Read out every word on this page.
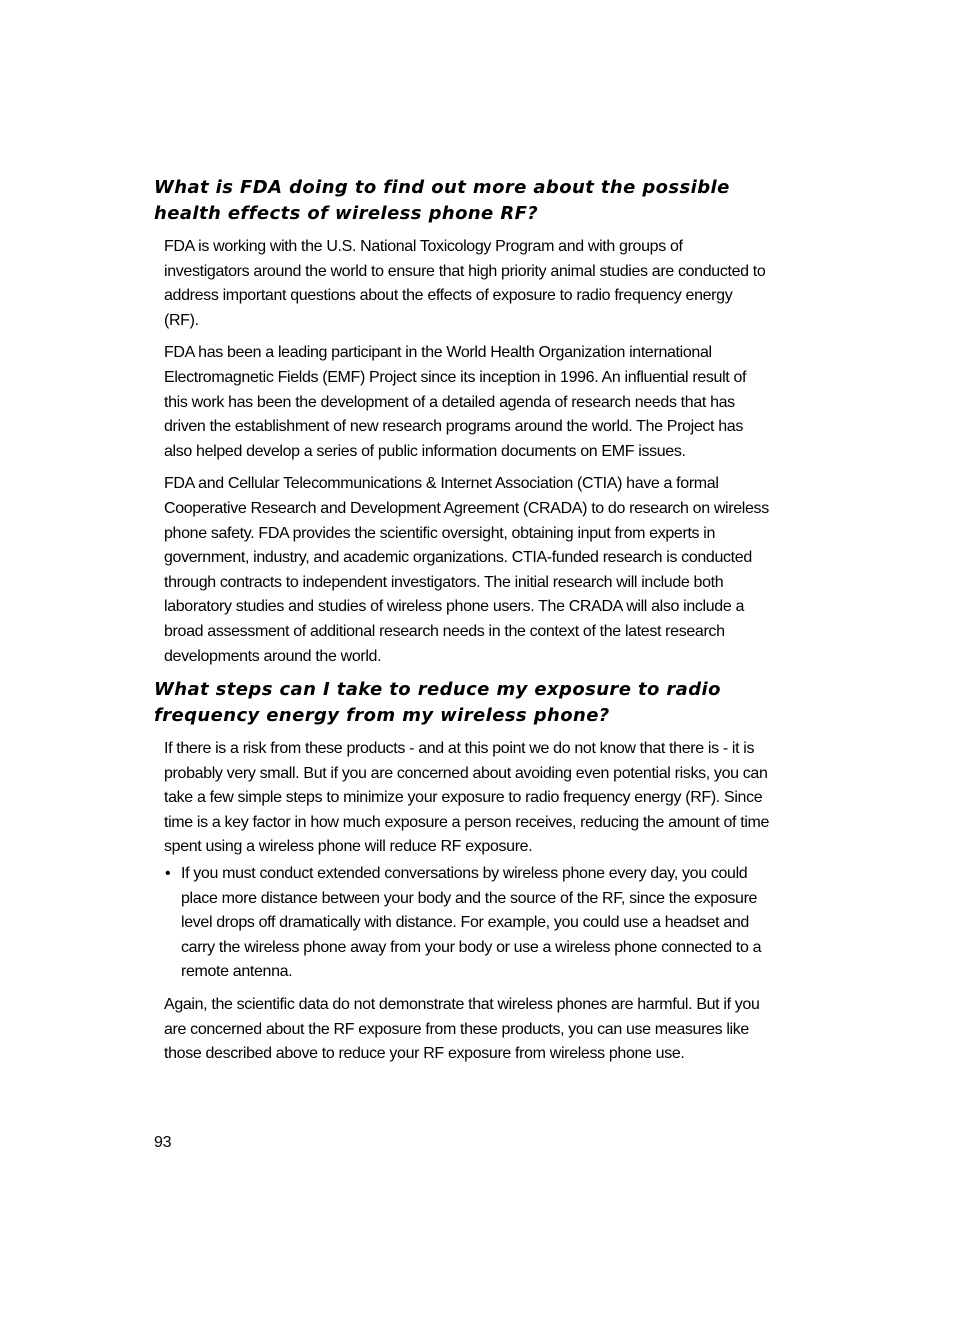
What is FDA doing to find out more about the possible health effects of wireless phone RF?

FDA is working with the U.S. National Toxicology Program and with groups of investigators around the world to ensure that high priority animal studies are conducted to address important questions about the effects of exposure to radio frequency energy (RF).

FDA has been a leading participant in the World Health Organization international Electromagnetic Fields (EMF) Project since its inception in 1996. An influential result of this work has been the development of a detailed agenda of research needs that has driven the establishment of new research programs around the world. The Project has also helped develop a series of public information documents on EMF issues.

FDA and Cellular Telecommunications & Internet Association (CTIA) have a formal Cooperative Research and Development Agreement (CRADA) to do research on wireless phone safety. FDA provides the scientific oversight, obtaining input from experts in government, industry, and academic organizations. CTIA-funded research is conducted through contracts to independent investigators. The initial research will include both laboratory studies and studies of wireless phone users. The CRADA will also include a broad assessment of additional research needs in the context of the latest research developments around the world.

What steps can I take to reduce my exposure to radio frequency energy from my wireless phone?

If there is a risk from these products - and at this point we do not know that there is - it is probably very small. But if you are concerned about avoiding even potential risks, you can take a few simple steps to minimize your exposure to radio frequency energy (RF). Since time is a key factor in how much exposure a person receives, reducing the amount of time spent using a wireless phone will reduce RF exposure.

• If you must conduct extended conversations by wireless phone every day, you could place more distance between your body and the source of the RF, since the exposure level drops off dramatically with distance. For example, you could use a headset and carry the wireless phone away from your body or use a wireless phone connected to a remote antenna.

Again, the scientific data do not demonstrate that wireless phones are harmful. But if you are concerned about the RF exposure from these products, you can use measures like those described above to reduce your RF exposure from wireless phone use.

93
